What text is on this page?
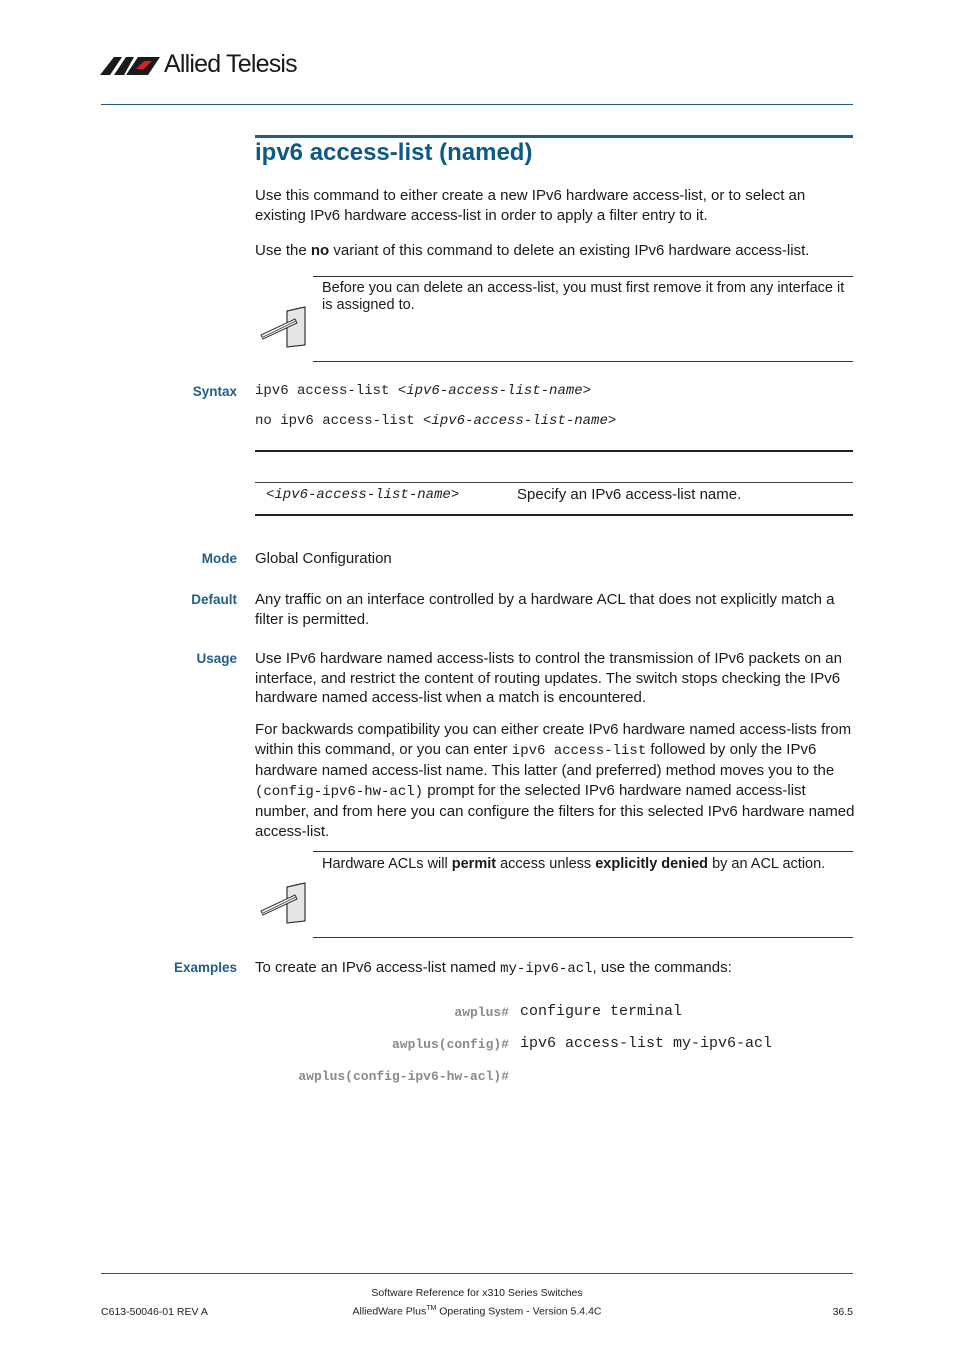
Allied Telesis
ipv6 access-list (named)
Use this command to either create a new IPv6 hardware access-list, or to select an existing IPv6 hardware access-list in order to apply a filter entry to it.
Use the no variant of this command to delete an existing IPv6 hardware access-list.
Before you can delete an access-list, you must first remove it from any interface it is assigned to.
Syntax ipv6 access-list <ipv6-access-list-name>
no ipv6 access-list <ipv6-access-list-name>
<ipv6-access-list-name>	Specify an IPv6 access-list name.
Mode Global Configuration
Default Any traffic on an interface controlled by a hardware ACL that does not explicitly match a filter is permitted.
Usage Use IPv6 hardware named access-lists to control the transmission of IPv6 packets on an interface, and restrict the content of routing updates. The switch stops checking the IPv6 hardware named access-list when a match is encountered.
For backwards compatibility you can either create IPv6 hardware named access-lists from within this command, or you can enter ipv6 access-list followed by only the IPv6 hardware named access-list name. This latter (and preferred) method moves you to the (config-ipv6-hw-acl) prompt for the selected IPv6 hardware named access-list number, and from here you can configure the filters for this selected IPv6 hardware named access-list.
Hardware ACLs will permit access unless explicitly denied by an ACL action.
Examples To create an IPv6 access-list named my-ipv6-acl, use the commands:
awplus# configure terminal
awplus(config)# ipv6 access-list my-ipv6-acl
awplus(config-ipv6-hw-acl)#
Software Reference for x310 Series Switches
AlliedWare Plus™ Operating System - Version 5.4.4C
C613-50046-01 REV A	36.5
